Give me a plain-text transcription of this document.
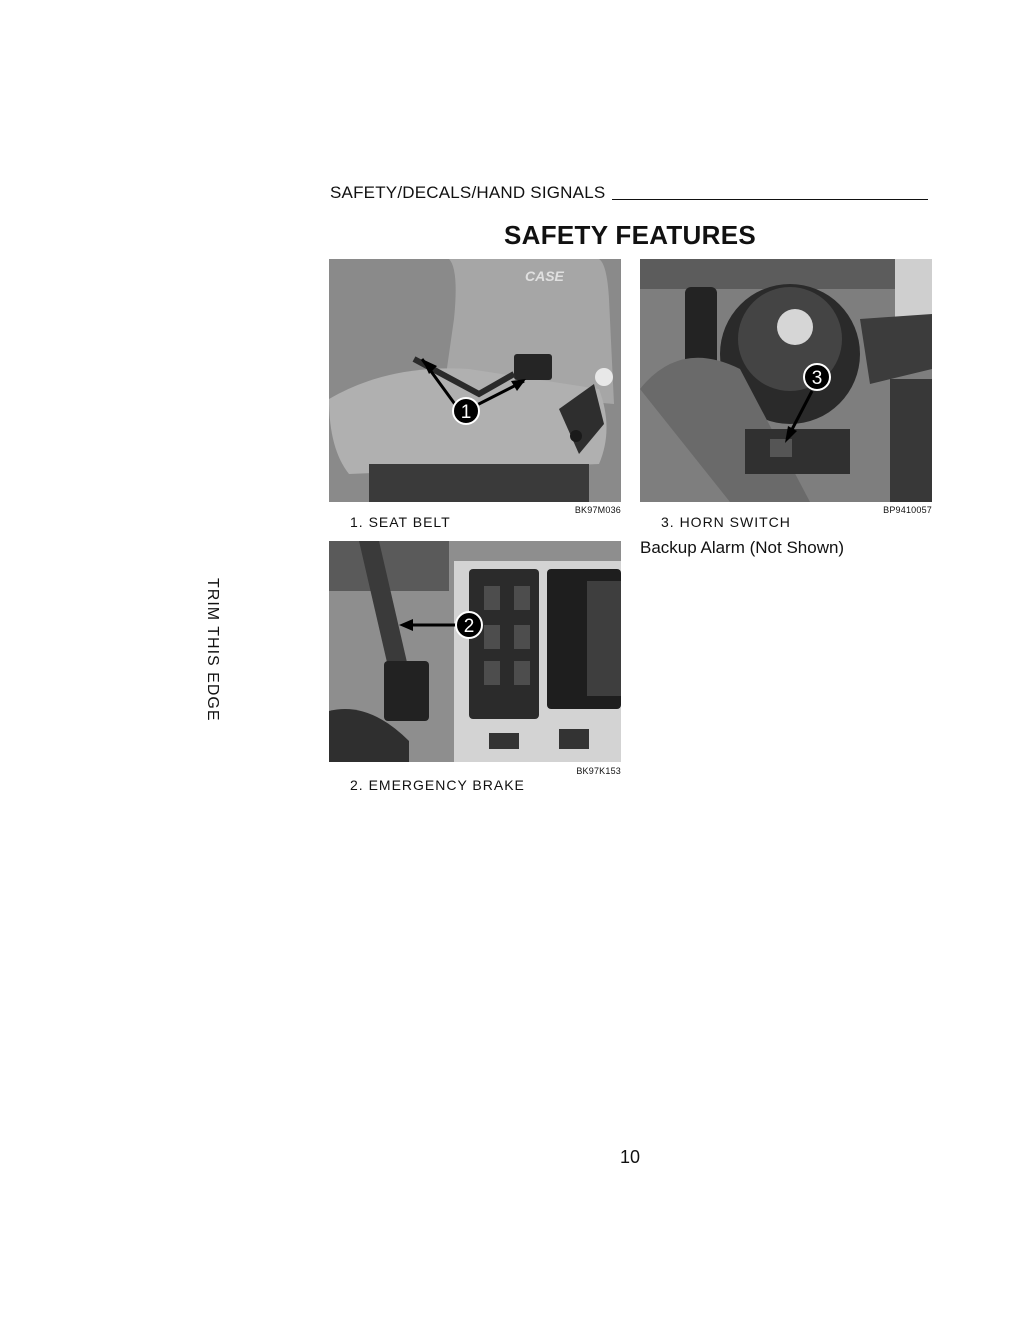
SAFETY/DECALS/HAND SIGNALS
SAFETY FEATURES
CASE
1
BK97M036
1. SEAT BELT
3
BP9410057
3. HORN SWITCH
Backup Alarm (Not Shown)
2
BK97K153
2. EMERGENCY BRAKE
TRIM THIS EDGE
10
